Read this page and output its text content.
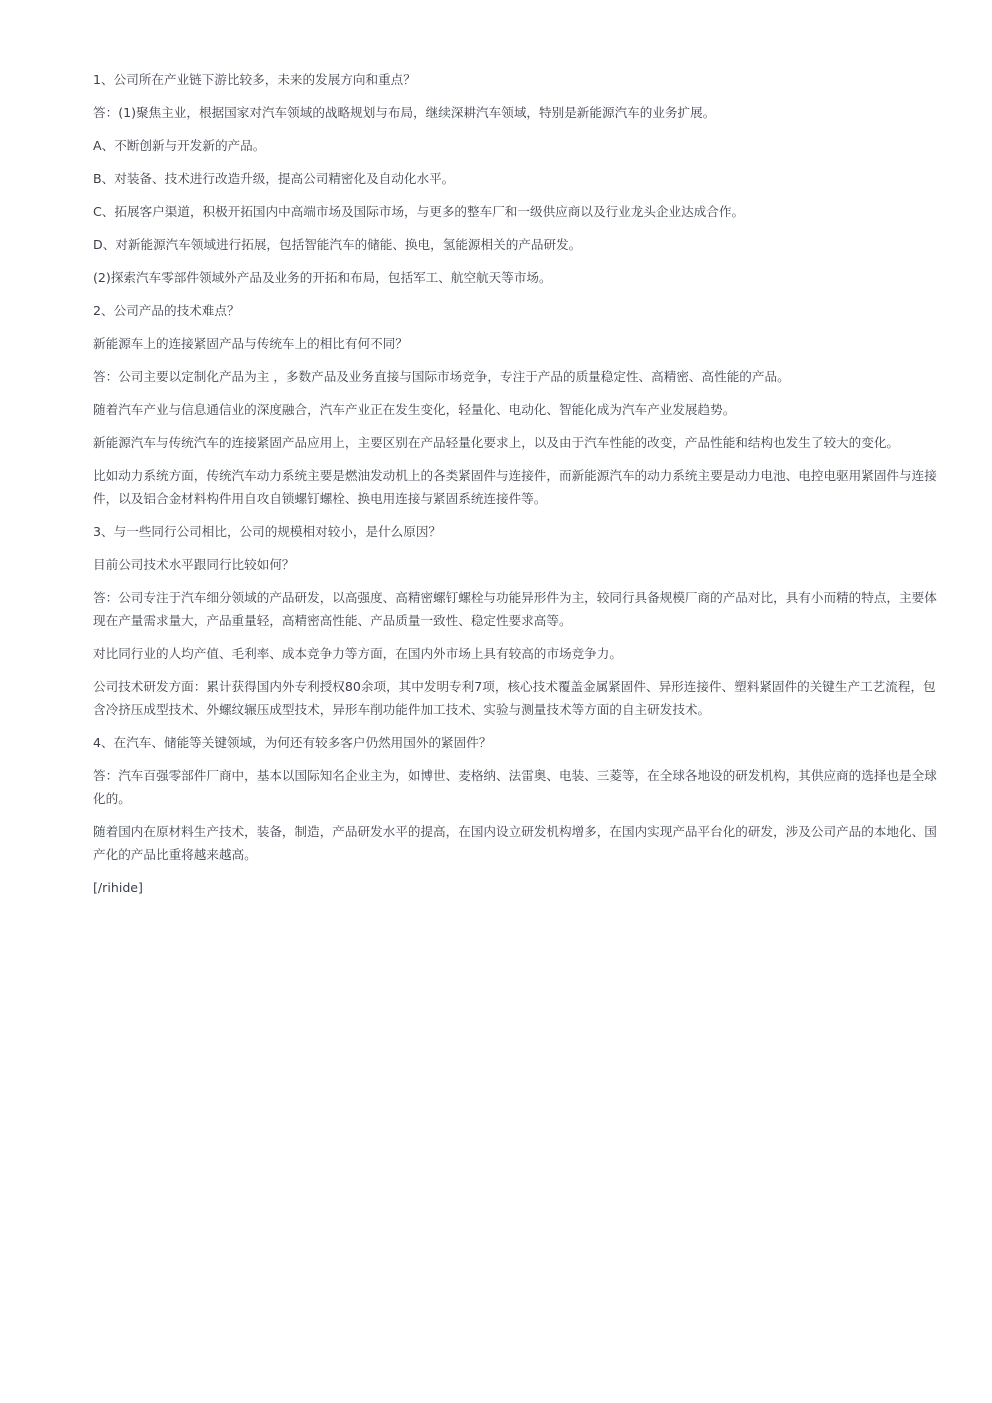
1、公司所在产业链下游比较多，未来的发展方向和重点？

答：(1)聚焦主业，根据国家对汽车领域的战略规划与布局，继续深耕汽车领域，特别是新能源汽车的业务扩展。

A、不断创新与开发新的产品。

B、对装备、技术进行改造升级，提高公司精密化及自动化水平。

C、拓展客户渠道，积极开拓国内中高端市场及国际市场，与更多的整车厂和一级供应商以及行业龙头企业达成合作。

D、对新能源汽车领域进行拓展，包括智能汽车的储能、换电，氢能源相关的产品研发。

(2)探索汽车零部件领域外产品及业务的开拓和布局，包括军工、航空航天等市场。

2、公司产品的技术难点？

新能源车上的连接紧固产品与传统车上的相比有何不同？

答：公司主要以定制化产品为主 ，多数产品及业务直接与国际市场竞争，专注于产品的质量稳定性、高精密、高性能的产品。

随着汽车产业与信息通信业的深度融合，汽车产业正在发生变化，轻量化、电动化、智能化成为汽车产业发展趋势。

新能源汽车与传统汽车的连接紧固产品应用上，主要区别在产品轻量化要求上，以及由于汽车性能的改变，产品性能和结构也发生了较大的变化。

比如动力系统方面，传统汽车动力系统主要是燃油发动机上的各类紧固件与连接件，而新能源汽车的动力系统主要是动力电池、电控电驱用紧固件与连接件，以及铝合金材料构件用自攻自锁螺钉螺栓、换电用连接与紧固系统连接件等。

3、与一些同行公司相比，公司的规模相对较小，是什么原因？

目前公司技术水平跟同行比较如何？

答：公司专注于汽车细分领域的产品研发，以高强度、高精密螺钉螺栓与功能异形件为主，较同行具备规模厂商的产品对比，具有小而精的特点，主要体现在产量需求量大，产品重量轻，高精密高性能、产品质量一致性、稳定性要求高等。

对比同行业的人均产值、毛利率、成本竞争力等方面，在国内外市场上具有较高的市场竞争力。

公司技术研发方面：累计获得国内外专利授权80余项，其中发明专利7项，核心技术覆盖金属紧固件、异形连接件、塑料紧固件的关键生产工艺流程，包含冷挤压成型技术、外螺纹辗压成型技术，异形车削功能件加工技术、实验与测量技术等方面的自主研发技术。

4、在汽车、储能等关键领域，为何还有较多客户仍然用国外的紧固件？

答：汽车百强零部件厂商中，基本以国际知名企业主为，如博世、麦格纳、法雷奥、电装、三菱等，在全球各地设的研发机构，其供应商的选择也是全球化的。

随着国内在原材料生产技术，装备，制造，产品研发水平的提高，在国内设立研发机构增多，在国内实现产品平台化的研发，涉及公司产品的本地化、国产化的产品比重将越来越高。

[/rihide]
